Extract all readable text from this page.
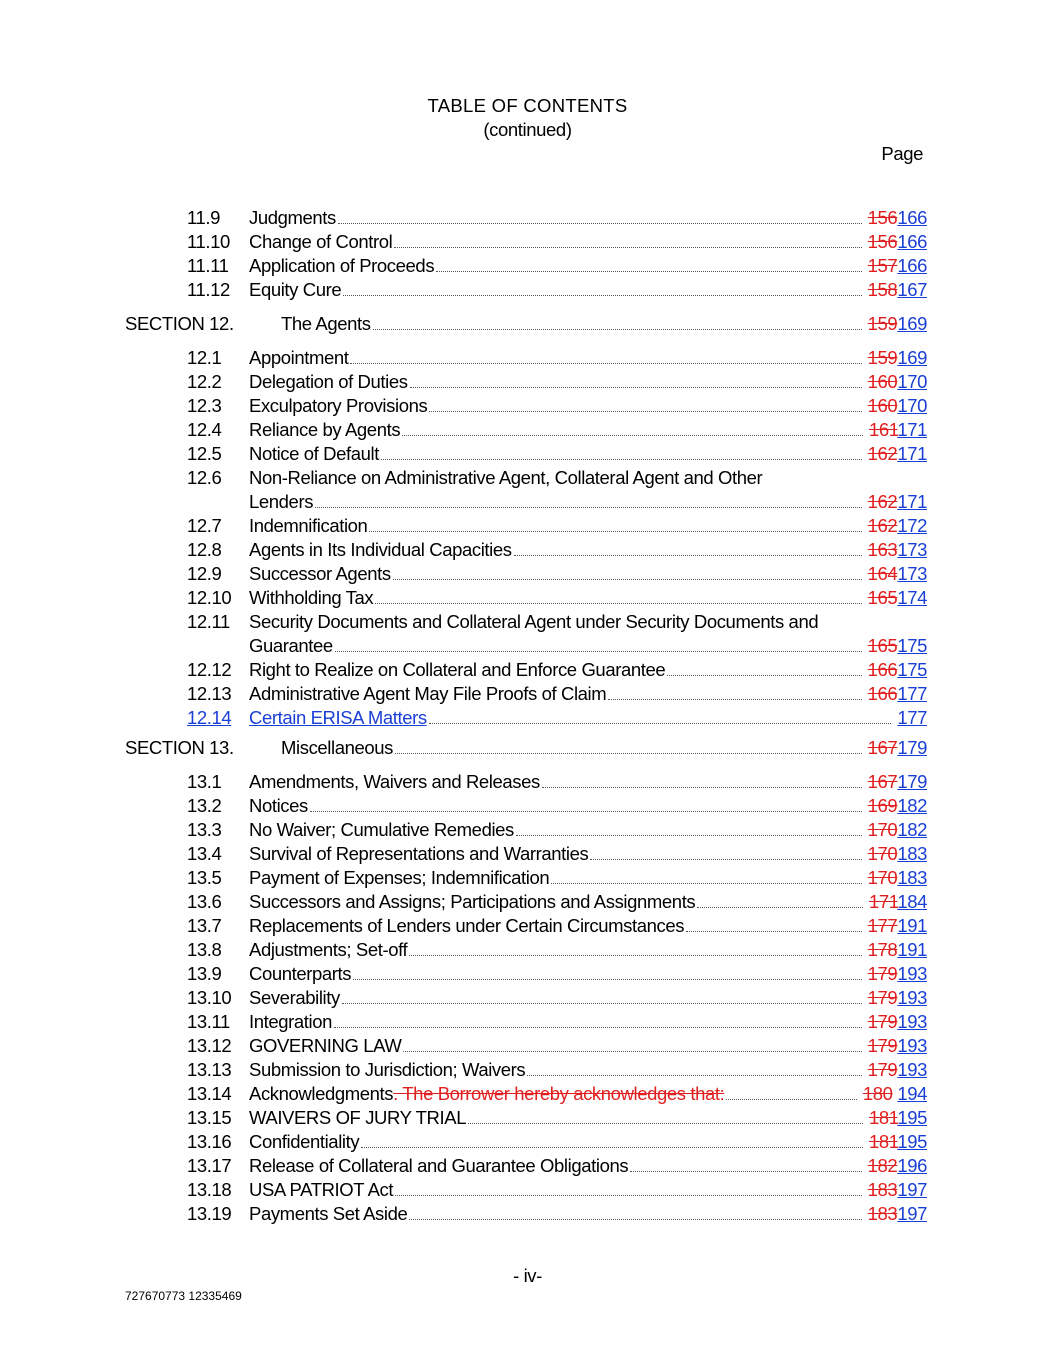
TABLE OF CONTENTS
(continued)
Page
11.9 Judgments	156166
11.10 Change of Control	156166
11.11 Application of Proceeds	157166
11.12 Equity Cure	158167
SECTION 12.	The Agents	159169
12.1 Appointment	159169
12.2 Delegation of Duties	160170
12.3 Exculpatory Provisions	160170
12.4 Reliance by Agents	161171
12.5 Notice of Default	162171
12.6 Non-Reliance on Administrative Agent, Collateral Agent and Other
Lenders	162171
12.7 Indemnification	162172
12.8 Agents in Its Individual Capacities	163173
12.9 Successor Agents	164173
12.10 Withholding Tax	165174
12.11 Security Documents and Collateral Agent under Security Documents and
Guarantee	165175
12.12 Right to Realize on Collateral and Enforce Guarantee	166175
12.13 Administrative Agent May File Proofs of Claim	166177
12.14 Certain ERISA Matters	177
SECTION 13.	Miscellaneous	167179
13.1 Amendments, Waivers and Releases	167179
13.2 Notices	169182
13.3 No Waiver; Cumulative Remedies	170182
13.4 Survival of Representations and Warranties	170183
13.5 Payment of Expenses; Indemnification	170183
13.6 Successors and Assigns; Participations and Assignments	171184
13.7 Replacements of Lenders under Certain Circumstances	177191
13.8 Adjustments; Set-off	178191
13.9 Counterparts	179193
13.10 Severability	179193
13.11 Integration	179193
13.12 GOVERNING LAW	179193
13.13 Submission to Jurisdiction; Waivers	179193
13.14 Acknowledgments . The Borrower hereby acknowledges that:	180 194
13.15 WAIVERS OF JURY TRIAL	181195
13.16 Confidentiality	181195
13.17 Release of Collateral and Guarantee Obligations	182196
13.18 USA PATRIOT Act	183197
13.19 Payments Set Aside	183197
- iv-
727670773 12335469
